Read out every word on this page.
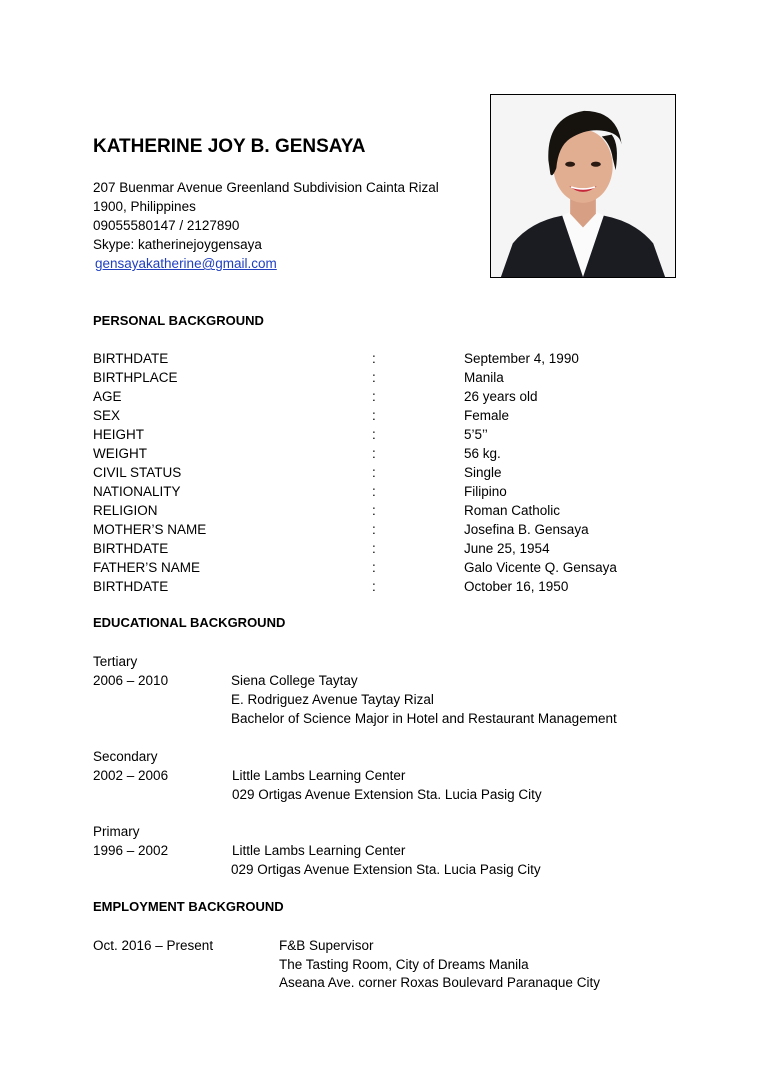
KATHERINE JOY B. GENSAYA
207 Buenmar Avenue Greenland Subdivision Cainta Rizal
1900, Philippines
09055580147 / 2127890
Skype: katherinejoygensaya
gensayakatherine@gmail.com
PERSONAL BACKGROUND
BIRTHDATE	:	September 4, 1990
BIRTHPLACE	:	Manila
AGE	:	26 years old
SEX	:	Female
HEIGHT	:	5’5’’
WEIGHT	:	56 kg.
CIVIL STATUS	:	Single
NATIONALITY	:	Filipino
RELIGION	:	Roman Catholic
MOTHER’S NAME	:	Josefina B. Gensaya
BIRTHDATE	:	June 25, 1954
FATHER’S NAME	:	Galo Vicente Q. Gensaya
BIRTHDATE	:	October 16, 1950
EDUCATIONAL BACKGROUND
Tertiary
2006 – 2010	Siena College Taytay
E. Rodriguez Avenue Taytay Rizal
Bachelor of Science Major in Hotel and Restaurant Management
Secondary
2002 – 2006	Little Lambs Learning Center
029 Ortigas Avenue Extension Sta. Lucia Pasig City
Primary
1996 – 2002	Little Lambs Learning Center
029 Ortigas Avenue Extension Sta. Lucia Pasig City
EMPLOYMENT BACKGROUND
Oct. 2016 – Present	F&B Supervisor
The Tasting Room, City of Dreams Manila
Aseana Ave. corner Roxas Boulevard Paranaque City
